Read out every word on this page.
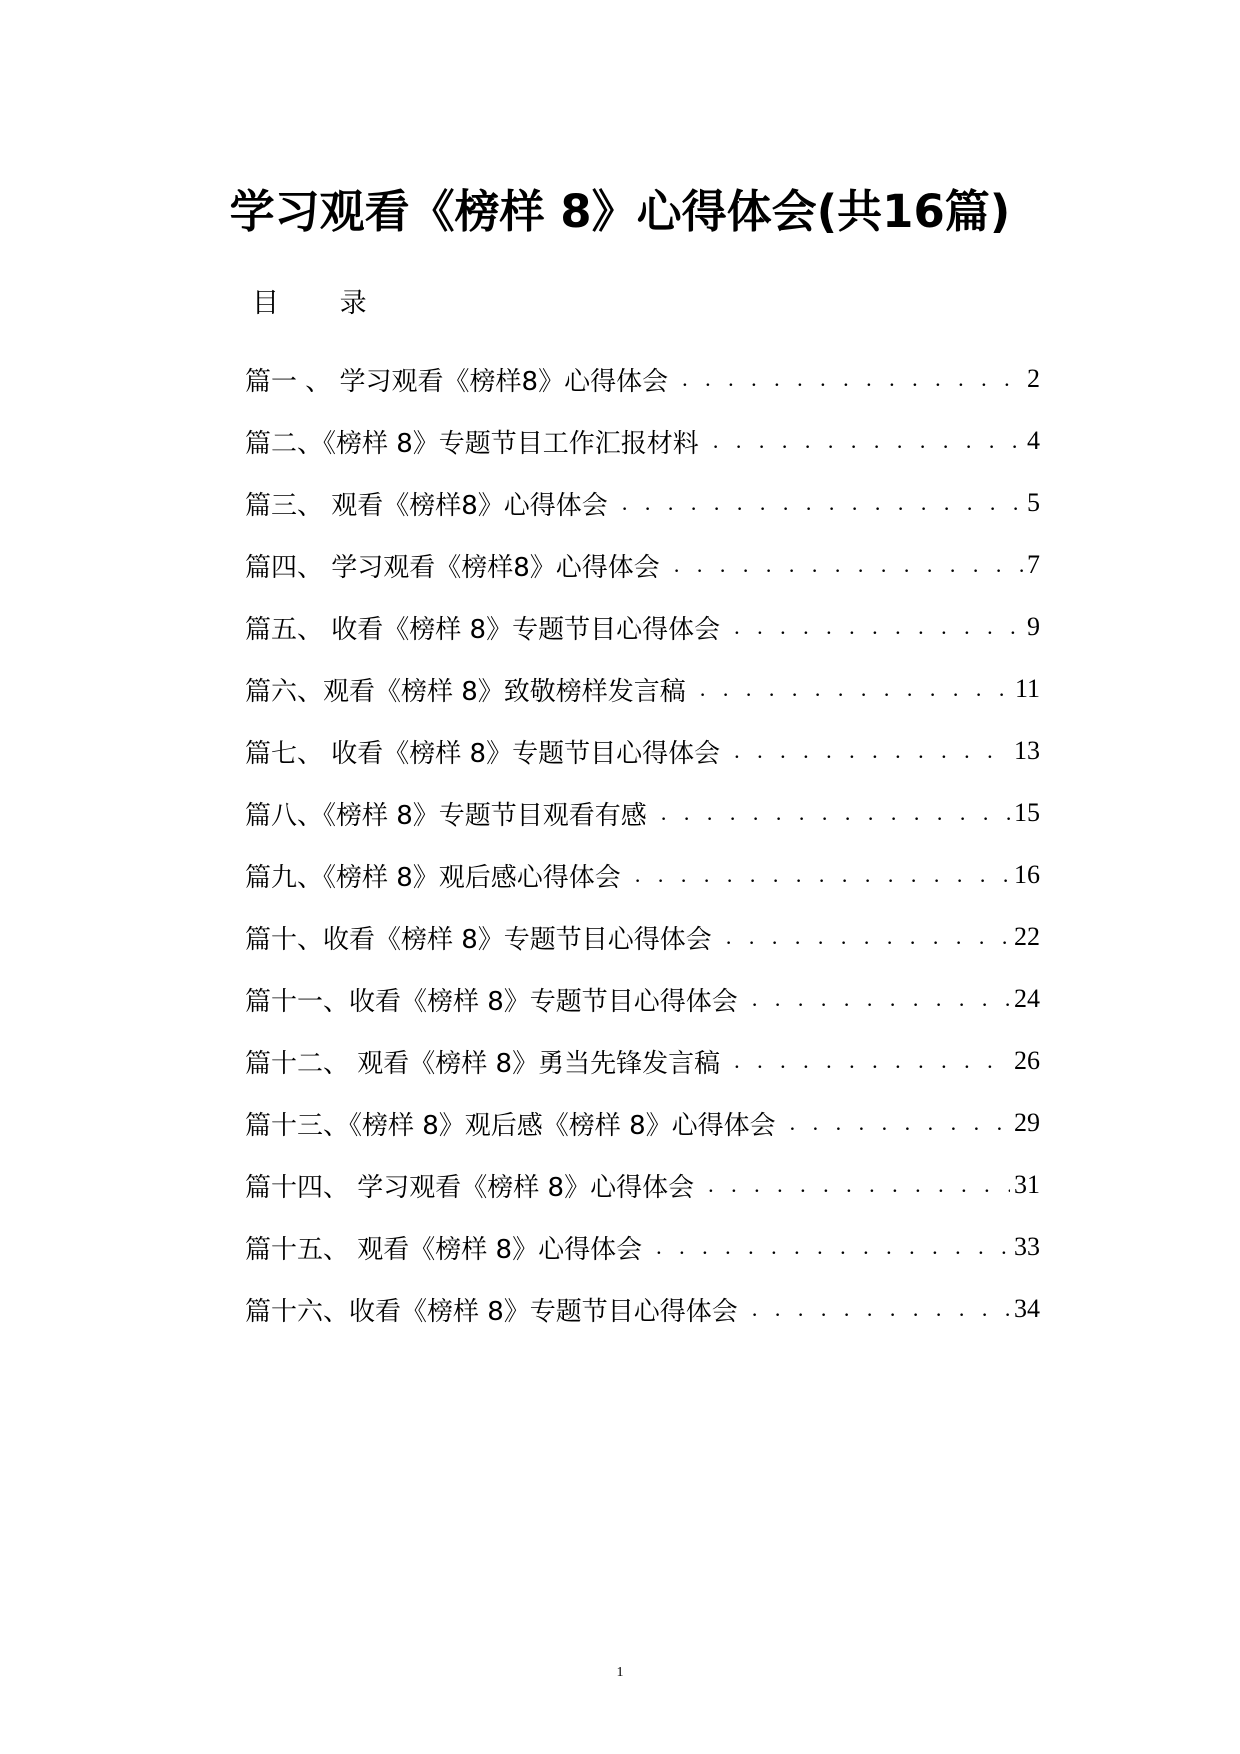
学习观看《榜样 8》心得体会(共16篇)
目 录
篇一 、 学习观看《榜样8》心得体会 . . .	2
篇二、《榜样 8》专题节目工作汇报材料 . . .	4
篇三、 观看《榜样8》心得体会 . . .	5
篇四、 学习观看《榜样8》心得体会 . . .	7
篇五、 收看《榜样 8》专题节目心得体会 . . .	9
篇六、观看《榜样 8》致敬榜样发言稿 . . .	11
篇七、 收看《榜样 8》专题节目心得体会 . . .	13
篇八、《榜样 8》专题节目观看有感 . . .	15
篇九、《榜样 8》观后感心得体会 . . .	16
篇十、收看《榜样 8》专题节目心得体会 . . .	22
篇十一、收看《榜样 8》专题节目心得体会 . . .	24
篇十二、 观看《榜样 8》勇当先锋发言稿 . . .	26
篇十三、《榜样 8》观后感《榜样 8》心得体会 . . .	29
篇十四、 学习观看《榜样 8》心得体会 . . .	31
篇十五、 观看《榜样 8》心得体会 . . .	33
篇十六、收看《榜样 8》专题节目心得体会 . . .	34
1
